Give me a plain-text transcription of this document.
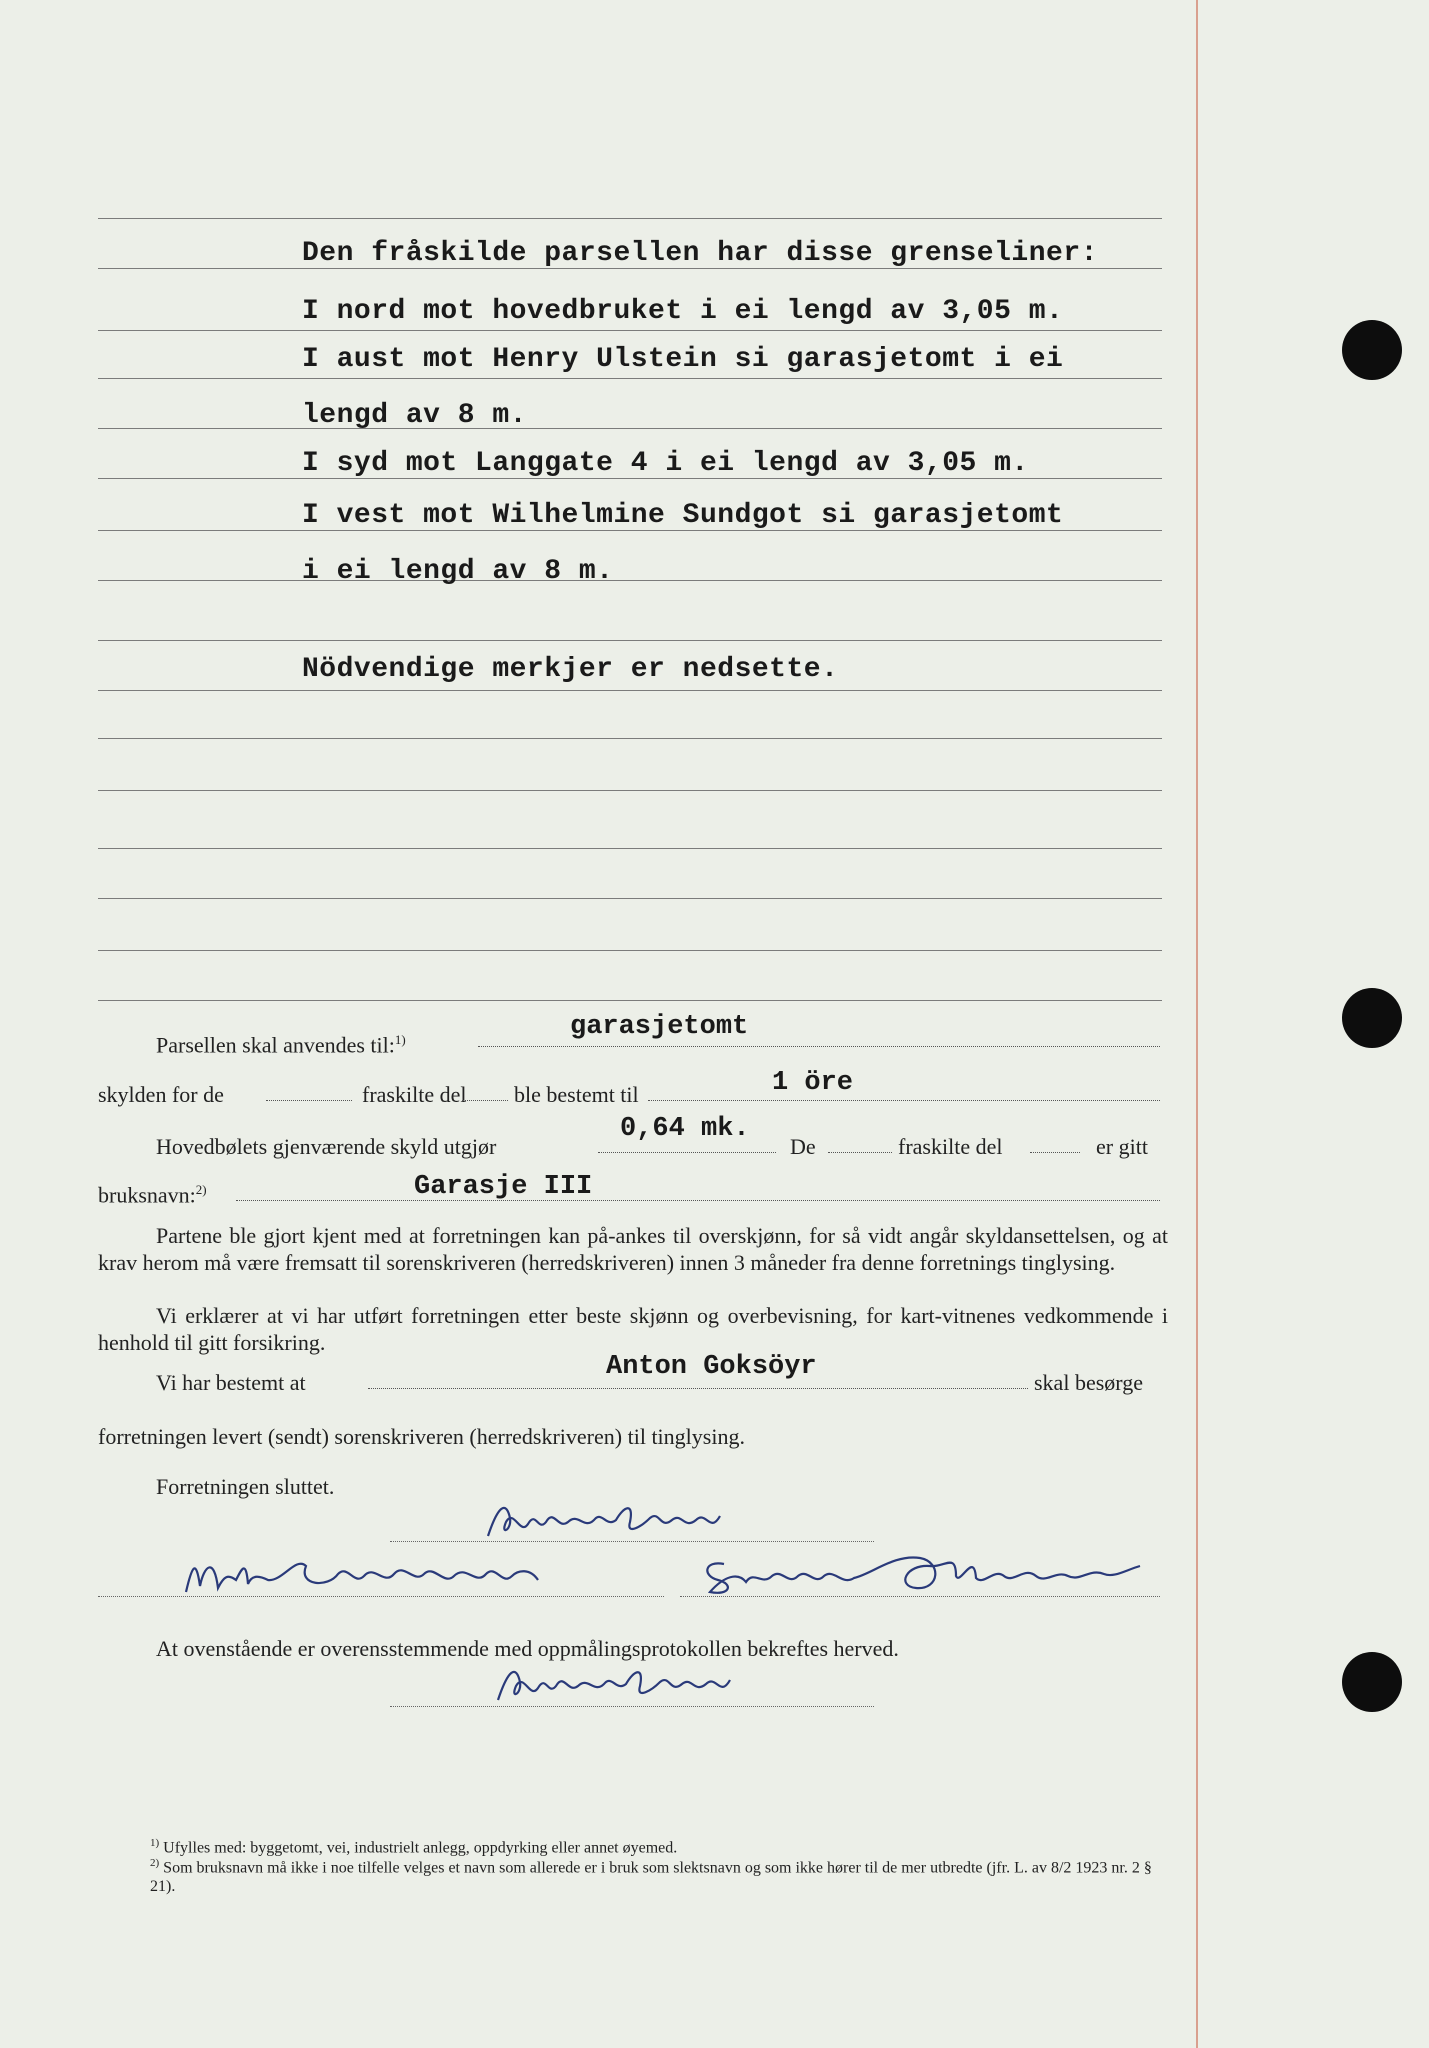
Den fråskilde parsellen har disse grenseliner:
I nord mot hovedbruket i ei lengd av 3,05 m.
I aust mot Henry Ulstein si garasjetomt i ei
lengd av 8 m.
I syd mot Langgate 4 i ei lengd av 3,05 m.
I vest mot Wilhelmine Sundgot si garasjetomt
i ei lengd av 8 m.
Nödvendige merkjer er nedsette.
Parsellen skal anvendes til:$^{1)}$	garasjetomt
skylden for de	fraskilte del ble bestemt til	1 öre
Hovedbølets gjenværende skyld utgjør
0,64 mk.
De	fraskilte del	er gitt
bruksnavn:$^{2)}$	Garasje III
Partene ble gjort kjent med at forretningen kan på-ankes til overskjønn, for så vidt angår skyldansettelsen, og at krav herom må være fremsatt til sorenskriveren (herredskriveren) innen 3 måneder fra denne forretnings tinglysing.
Vi erklærer at vi har utført forretningen etter beste skjønn og overbevisning, for kart-vitnenes vedkommende i henhold til gitt forsikring.
Vi har bestemt at
Anton Goksöyr
skal besørge
forretningen levert (sendt) sorenskriveren (herredskriveren) til tinglysing.
Forretningen sluttet.
At ovenstående er overensstemmende med oppmålingsprotokollen bekreftes herved.
$^{1)}$ Ufylles med: byggetomt, vei, industrielt anlegg, oppdyrking eller annet øyemed.
$^{2)}$ Som bruksnavn må ikke i noe tilfelle velges et navn som allerede er i bruk som slektsnavn og som ikke hører til de mer utbredte (jfr. L. av 8/2 1923 nr. 2 § 21).
